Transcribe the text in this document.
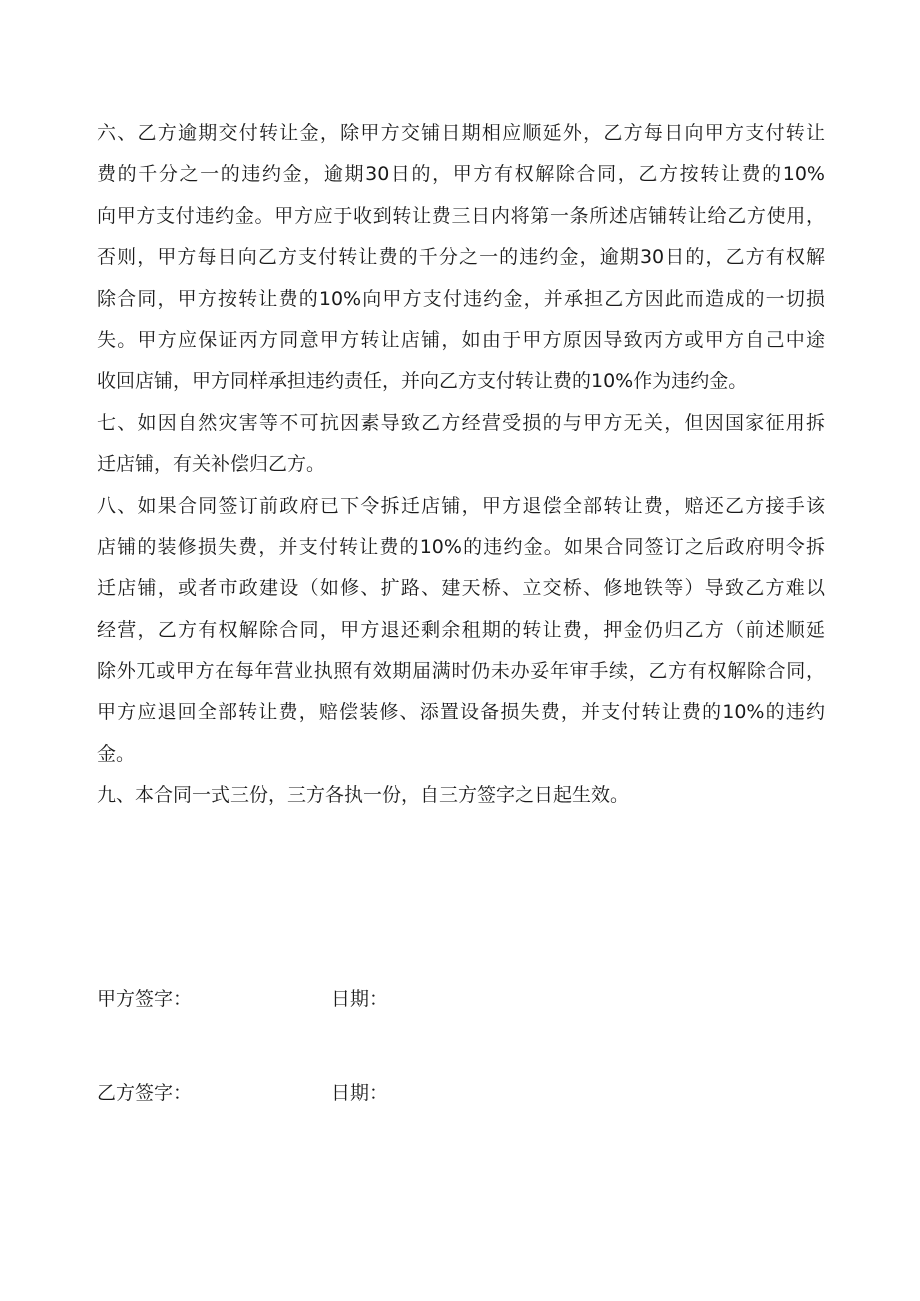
六、乙方逾期交付转让金，除甲方交铺日期相应顺延外，乙方每日向甲方支付转让
费的千分之一的违约金，逾期30日的，甲方有权解除合同，乙方按转让费的10%
向甲方支付违约金。甲方应于收到转让费三日内将第一条所述店铺转让给乙方使用，
否则，甲方每日向乙方支付转让费的千分之一的违约金，逾期30日的，乙方有权解
除合同，甲方按转让费的10%向甲方支付违约金，并承担乙方因此而造成的一切损
失。甲方应保证丙方同意甲方转让店铺，如由于甲方原因导致丙方或甲方自己中途
收回店铺，甲方同样承担违约责任，并向乙方支付转让费的10%作为违约金。
七、如因自然灾害等不可抗因素导致乙方经营受损的与甲方无关，但因国家征用拆
迁店铺，有关补偿归乙方。
八、如果合同签订前政府已下令拆迁店铺，甲方退偿全部转让费，赔还乙方接手该
店铺的装修损失费，并支付转让费的10%的违约金。如果合同签订之后政府明令拆
迁店铺，或者市政建设（如修、扩路、建天桥、立交桥、修地铁等）导致乙方难以
经营，乙方有权解除合同，甲方退还剩余租期的转让费，押金仍归乙方（前述顺延
除外兀或甲方在每年营业执照有效期届满时仍未办妥年审手续，乙方有权解除合同，
甲方应退回全部转让费，赔偿装修、添置设备损失费，并支付转让费的10%的违约
金。
九、本合同一式三份，三方各执一份，自三方签字之日起生效。
甲方签字：	日期：
乙方签字：	日期：
